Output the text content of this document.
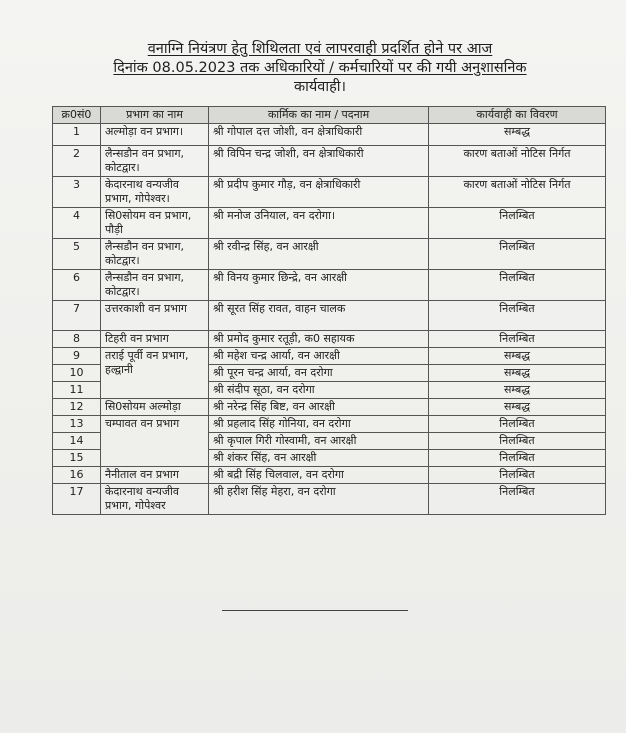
वनाग्नि नियंत्रण हेतु शिथिलता एवं लापरवाही प्रदर्शित होने पर आज
दिनांक 08.05.2023 तक अधिकारियों / कर्मचारियों पर की गयी अनुशासनिक
कार्यवाही।
क्र0सं0	प्रभाग का नाम	कार्मिक का नाम / पदनाम	कार्यवाही का विवरण
1	अल्मोड़ा वन प्रभाग।	श्री गोपाल दत्त जोशी, वन क्षेत्राधिकारी	सम्बद्ध
2	लैन्सडौन वन प्रभाग, कोटद्वार।	श्री विपिन चन्द्र जोशी, वन क्षेत्राधिकारी	कारण बताओं नोटिस निर्गत
3	केदारनाथ वन्यजीव प्रभाग, गोपेश्वर।	श्री प्रदीप कुमार गौड़, वन क्षेत्राधिकारी	कारण बताओं नोटिस निर्गत
4	सि0सोयम वन प्रभाग, पौड़ी	श्री मनोज उनियाल, वन दरोगा।	निलम्बित
5	लैन्सडौन वन प्रभाग, कोटद्वार।	श्री रवीन्द्र सिंह, वन आरक्षी	निलम्बित
6	लैन्सडौन वन प्रभाग, कोटद्वार।	श्री विनय कुमार छिन्द्रे, वन आरक्षी	निलम्बित
7	उत्तरकाशी वन प्रभाग	श्री सूरत सिंह रावत, वाहन चालक	निलम्बित
8	टिहरी वन प्रभाग	श्री प्रमोद कुमार रतूड़ी, क0 सहायक	निलम्बित
9	तराई पूर्वी वन प्रभाग, हल्द्वानी	श्री महेश चन्द्र आर्या, वन आरक्षी	सम्बद्ध
10		श्री पूरन चन्द्र आर्या, वन दरोगा	सम्बद्ध
11		श्री संदीप सूठा, वन दरोगा	सम्बद्ध
12	सि0सोयम अल्मोड़ा	श्री नरेन्द्र सिंह बिष्ट, वन आरक्षी	सम्बद्ध
13	चम्पावत वन प्रभाग	श्री प्रहलाद सिंह गोनिया, वन दरोगा	निलम्बित
14		श्री कृपाल गिरी गोस्वामी, वन आरक्षी	निलम्बित
15		श्री शंकर सिंह, वन आरक्षी	निलम्बित
16	नैनीताल वन प्रभाग	श्री बद्री सिंह चिलवाल, वन दरोगा	निलम्बित
17	केदारनाथ वन्यजीव प्रभाग, गोपेश्वर	श्री हरीश सिंह मेहरा, वन दरोगा	निलम्बित
